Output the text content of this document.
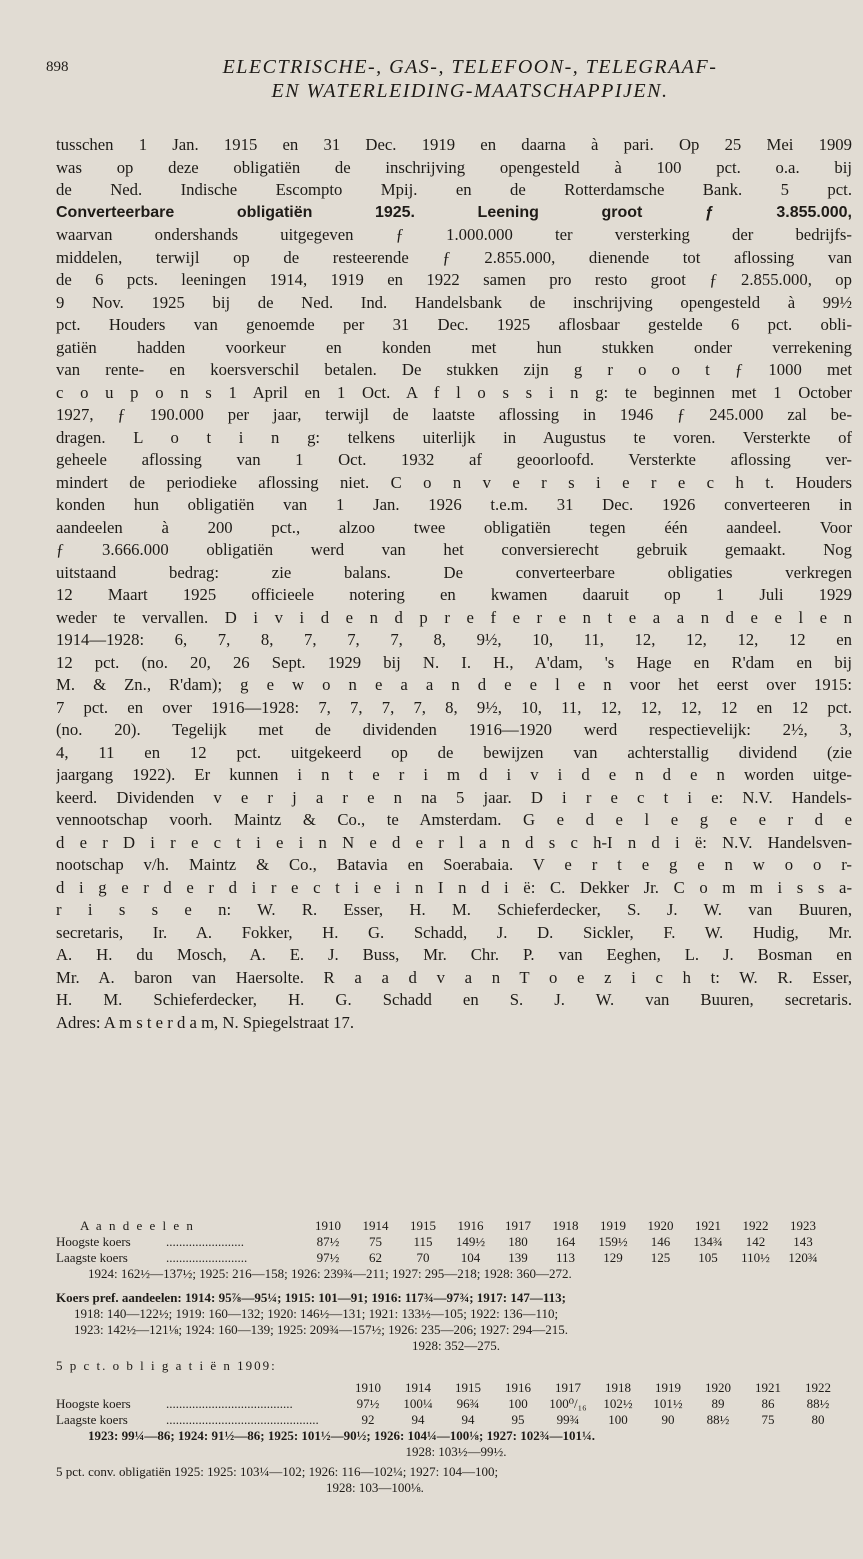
898	ELECTRISCHE-, GAS-, TELEFOON-, TELEGRAAF-
EN WATERLEIDING-MAATSCHAPPIJEN.
tusschen 1 Jan. 1915 en 31 Dec. 1919 en daarna à pari. Op 25 Mei 1909
was op deze obligatiën de inschrijving opengesteld à 100 pct. o.a. bij
de Ned. Indische Escompto Mpij. en de Rotterdamsche Bank. 5 pct.
Converteerbare obligatiën 1925. Leening groot ƒ 3.855.000,
waarvan ondershands uitgegeven ƒ 1.000.000 ter versterking der bedrijfs-
middelen, terwijl op de resteerende ƒ 2.855.000, dienende tot aflossing van
de 6 pcts. leeningen 1914, 1919 en 1922 samen pro resto groot ƒ 2.855.000, op
9 Nov. 1925 bij de Ned. Ind. Handelsbank de inschrijving opengesteld à 99½
pct. Houders van genoemde per 31 Dec. 1925 aflosbaar gestelde 6 pct. obli-
gatiën hadden voorkeur en konden met hun stukken onder verrekening
van rente- en koersverschil betalen. De stukken zijn g r o o t ƒ 1000 met
c o u p o n s 1 April en 1 Oct. A f l o s s i n g: te beginnen met 1 October
1927, ƒ 190.000 per jaar, terwijl de laatste aflossing in 1946 ƒ 245.000 zal be-
dragen. L o t i n g: telkens uiterlijk in Augustus te voren. Versterkte of
geheele aflossing van 1 Oct. 1932 af geoorloofd. Versterkte aflossing ver-
mindert de periodieke aflossing niet. C o n v e r s i e r e c h t. Houders
konden hun obligatiën van 1 Jan. 1926 t.e.m. 31 Dec. 1926 converteeren in
aandeelen à 200 pct., alzoo twee obligatiën tegen één aandeel. Voor
ƒ 3.666.000 obligatiën werd van het conversierecht gebruik gemaakt. Nog
uitstaand bedrag: zie balans. De converteerbare obligaties verkregen
12 Maart 1925 officieele notering en kwamen daaruit op 1 Juli 1929
weder te vervallen. D i v i d e n d p r e f e r e n t e a a n d e e l e n
1914—1928: 6, 7, 8, 7, 7, 7, 8, 9½, 10, 11, 12, 12, 12, 12 en
12 pct. (no. 20, 26 Sept. 1929 bij N. I. H., A'dam, 's Hage en R'dam en bij
M. & Zn., R'dam); g e w o n e a a n d e e l e n voor het eerst over 1915:
7 pct. en over 1916—1928: 7, 7, 7, 7, 8, 9½, 10, 11, 12, 12, 12, 12 en 12 pct.
(no. 20). Tegelijk met de dividenden 1916—1920 werd respectievelijk: 2½, 3,
4, 11 en 12 pct. uitgekeerd op de bewijzen van achterstallig dividend (zie
jaargang 1922). Er kunnen i n t e r i m d i v i d e n d e n worden uitge-
keerd. Dividenden v e r j a r e n na 5 jaar. D i r e c t i e: N.V. Handels-
vennootschap voorh. Maintz & Co., te Amsterdam. G e d e l e g e e r d e
d e r D i r e c t i e i n N e d e r l a n d s c h-I n d i ë: N.V. Handelsven-
nootschap v/h. Maintz & Co., Batavia en Soerabaia. V e r t e g e n w o o r-
d i g e r d e r d i r e c t i e i n I n d i ë: C. Dekker Jr. C o m m i s s a-
r i s s e n: W. R. Esser, H. M. Schieferdecker, S. J. W. van Buuren,
secretaris, Ir. A. Fokker, H. G. Schadd, J. D. Sickler, F. W. Hudig, Mr.
A. H. du Mosch, A. E. J. Buss, Mr. Chr. P. van Eeghen, L. J. Bosman en
Mr. A. baron van Haersolte. R a a d v a n T o e z i c h t: W. R. Esser,
H. M. Schieferdecker, H. G. Schadd en S. J. W. van Buuren, secretaris.
Adres: A m s t e r d a m, N. Spiegelstraat 17.
A a n d e e l e n	1910	1914	1915	1916	1917	1918	1919	1920	1921	1922	1923
Hoogste koers	........................	87½	75	115	149½	180	164	159½	146	134¾	142	143
Laagste koers	.........................	97½	62	70	104	139	113	129	125	105	110½	120¾
1924: 162½—137½; 1925: 216—158; 1926: 239¾—211; 1927: 295—218; 1928: 360—272.
Koers pref. aandeelen: 1914: 95⅞—95¼; 1915: 101—91; 1916: 117¾—97¾; 1917: 147—113;
1918: 140—122½; 1919: 160—132; 1920: 146½—131; 1921: 133½—105; 1922: 136—110;
1923: 142½—121⅛; 1924: 160—139; 1925: 209¾—157½; 1926: 235—206; 1927: 294—215.
1928: 352—275.
5 p c t. o b l i g a t i ë n 1909:
1910	1914	1915	1916	1917	1918	1919	1920	1921	1922
Hoogste koers	.......................................	97½	100¼	96¾	100	100⁰/₁₆	102½	101½	89	86	88½
Laagste koers	...............................................	92	94	94	95	99¾	100	90	88½	75	80
1923: 99¼—86; 1924: 91½—86; 1925: 101½—90½; 1926: 104¼—100⅛; 1927: 102¾—101¼.
1928: 103½—99½.
5 pct. conv. obligatiën 1925: 1925: 103¼—102; 1926: 116—102¼; 1927: 104—100;
1928: 103—100⅛.
